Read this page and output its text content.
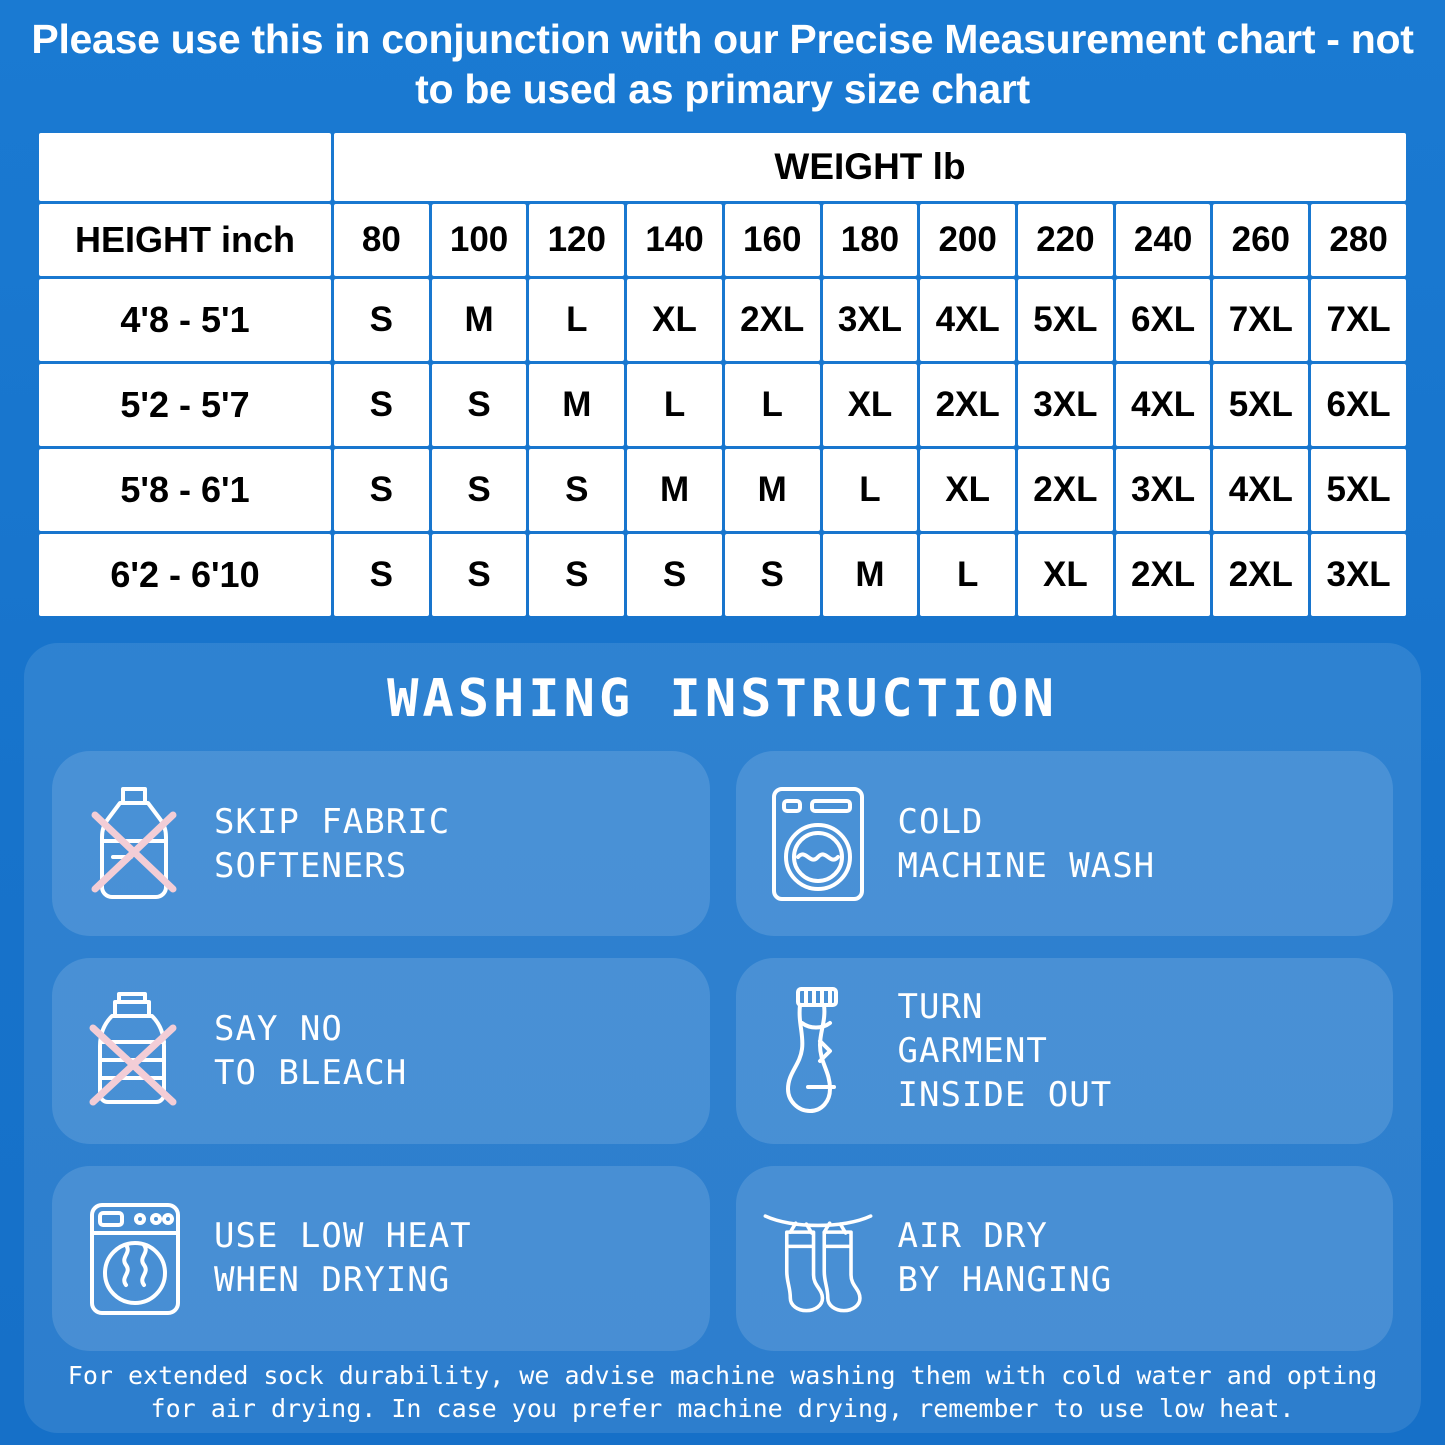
Please use this in conjunction with our Precise Measurement chart - not to be used as primary size chart
	WEIGHT lb										
HEIGHT inch	80	100	120	140	160	180	200	220	240	260	280
4'8 - 5'1	S	M	L	XL	2XL	3XL	4XL	5XL	6XL	7XL	7XL
5'2 - 5'7	S	S	M	L	L	XL	2XL	3XL	4XL	5XL	6XL
5'8 - 6'1	S	S	S	M	M	L	XL	2XL	3XL	4XL	5XL
6'2 - 6'10	S	S	S	S	S	M	L	XL	2XL	2XL	3XL
WASHING INSTRUCTION
SKIP FABRIC
SOFTENERS
COLD
MACHINE WASH
SAY NO
TO BLEACH
TURN
GARMENT
INSIDE OUT
USE LOW HEAT
WHEN DRYING
AIR DRY
BY HANGING
For extended sock durability, we advise machine washing them with cold water and opting for air drying. In case you prefer machine drying, remember to use low heat.
